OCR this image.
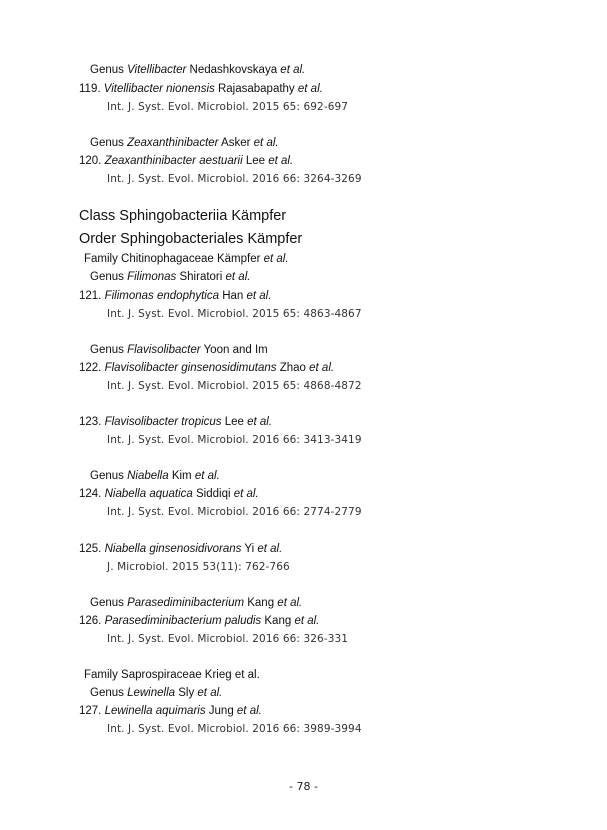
Genus Vitellibacter Nedashkovskaya et al.
119. Vitellibacter nionensis Rajasabapathy et al.
Int. J. Syst. Evol. Microbiol. 2015 65: 692-697
Genus Zeaxanthinibacter Asker et al.
120. Zeaxanthinibacter aestuarii Lee et al.
Int. J. Syst. Evol. Microbiol. 2016 66: 3264-3269
Class Sphingobacteriia Kämpfer
Order Sphingobacteriales Kämpfer
Family Chitinophagaceae Kämpfer et al.
Genus Filimonas Shiratori et al.
121. Filimonas endophytica Han et al.
Int. J. Syst. Evol. Microbiol. 2015 65: 4863-4867
Genus Flavisolibacter Yoon and Im
122. Flavisolibacter ginsenosidimutans Zhao et al.
Int. J. Syst. Evol. Microbiol. 2015 65: 4868-4872
123. Flavisolibacter tropicus Lee et al.
Int. J. Syst. Evol. Microbiol. 2016 66: 3413-3419
Genus Niabella Kim et al.
124. Niabella aquatica Siddiqi et al.
Int. J. Syst. Evol. Microbiol. 2016 66: 2774-2779
125. Niabella ginsenosidivorans Yi et al.
J. Microbiol. 2015 53(11): 762-766
Genus Parasediminibacterium Kang et al.
126. Parasediminibacterium paludis Kang et al.
Int. J. Syst. Evol. Microbiol. 2016 66: 326-331
Family Saprospiraceae Krieg et al.
Genus Lewinella Sly et al.
127. Lewinella aquimaris Jung et al.
Int. J. Syst. Evol. Microbiol. 2016 66: 3989-3994
- 78 -
